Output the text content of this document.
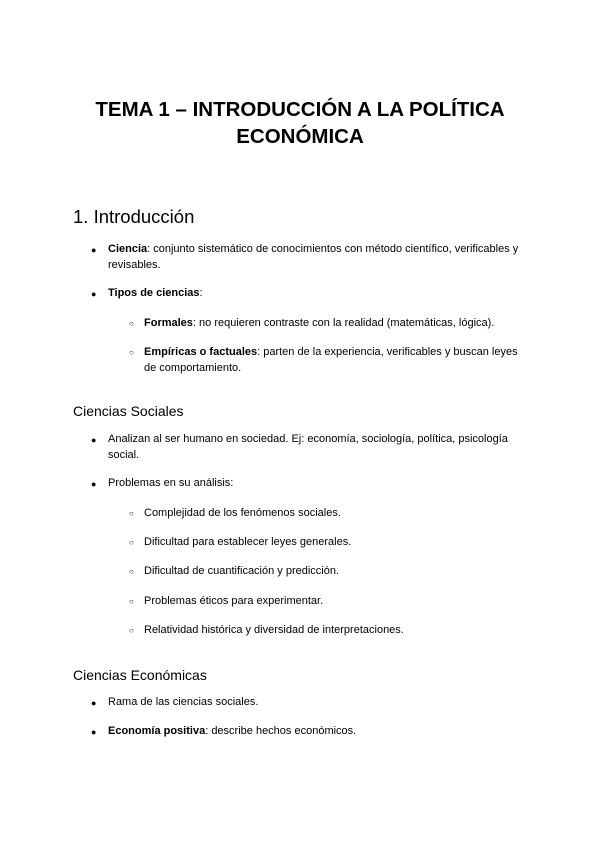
TEMA 1 – INTRODUCCIÓN A LA POLÍTICA
ECONÓMICA
1. Introducción
● Ciencia: conjunto sistemático de conocimientos con método científico, verificables y revisables.

● Tipos de ciencias:

○ Formales: no requieren contraste con la realidad (matemáticas, lógica).

○ Empíricas o factuales: parten de la experiencia, verificables y buscan leyes de comportamiento.

Ciencias Sociales
● Analizan al ser humano en sociedad. Ej: economía, sociología, política, psicología social.

● Problemas en su análisis:

○ Complejidad de los fenómenos sociales.

○ Dificultad para establecer leyes generales.

○ Dificultad de cuantificación y predicción.

○ Problemas éticos para experimentar.

○ Relatividad histórica y diversidad de interpretaciones.

Ciencias Económicas
● Rama de las ciencias sociales.

● Economía positiva: describe hechos económicos.
